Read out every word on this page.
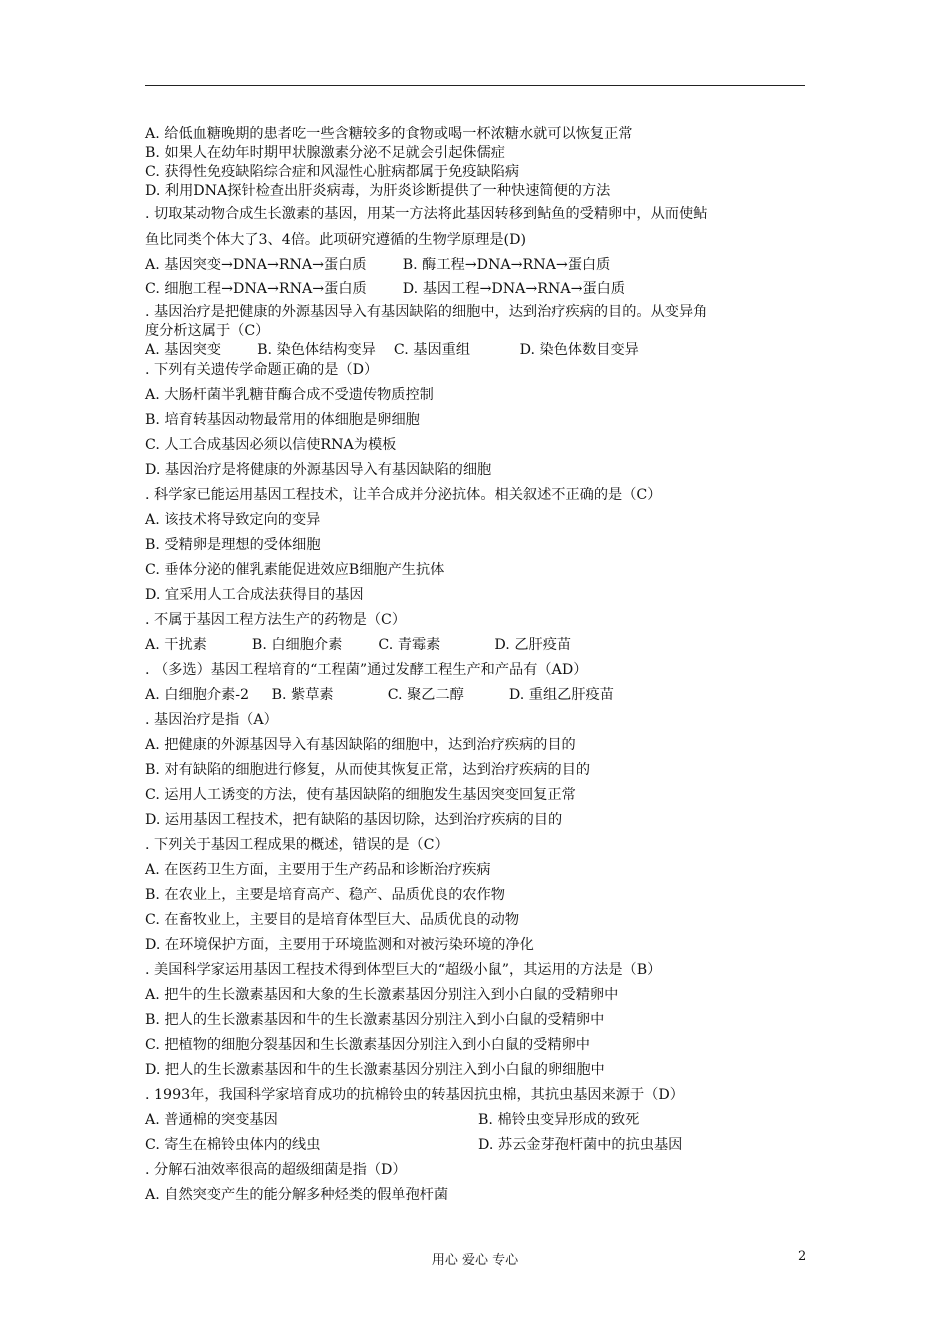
A. 给低血糖晚期的患者吃一些含糖较多的食物或喝一杯浓糖水就可以恢复正常
B. 如果人在幼年时期甲状腺激素分泌不足就会引起侏儒症
C. 获得性免疫缺陷综合症和风湿性心脏病都属于免疫缺陷病
D. 利用DNA探针检查出肝炎病毒，为肝炎诊断提供了一种快速简便的方法
. 切取某动物合成生长激素的基因，用某一方法将此基因转移到鲇鱼的受精卵中，从而使鲇
鱼比同类个体大了3、4倍。此项研究遵循的生物学原理是(D)
A. 基因突变→DNA→RNA→蛋白质        B. 酶工程→DNA→RNA→蛋白质
C. 细胞工程→DNA→RNA→蛋白质        D. 基因工程→DNA→RNA→蛋白质
. 基因治疗是把健康的外源基因导入有基因缺陷的细胞中，达到治疗疾病的目的。从变异角
度分析这属于（C）
A. 基因突变        B. 染色体结构变异    C. 基因重组           D. 染色体数目变异
. 下列有关遗传学命题正确的是（D）
A. 大肠杆菌半乳糖苷酶合成不受遗传物质控制
B. 培育转基因动物最常用的体细胞是卵细胞
C. 人工合成基因必须以信使RNA为模板
D. 基因治疗是将健康的外源基因导入有基因缺陷的细胞
. 科学家已能运用基因工程技术，让羊合成并分泌抗体。相关叙述不正确的是（C）
A. 该技术将导致定向的变异
B. 受精卵是理想的受体细胞
C. 垂体分泌的催乳素能促进效应B细胞产生抗体
D. 宜采用人工合成法获得目的基因
. 不属于基因工程方法生产的药物是（C）
A. 干扰素          B. 白细胞介素        C. 青霉素            D. 乙肝疫苗
. （多选）基因工程培育的“工程菌”通过发酵工程生产和产品有（AD）
A. 白细胞介素-2     B. 紫草素            C. 聚乙二醇          D. 重组乙肝疫苗
. 基因治疗是指（A）
A. 把健康的外源基因导入有基因缺陷的细胞中，达到治疗疾病的目的
B. 对有缺陷的细胞进行修复，从而使其恢复正常，达到治疗疾病的目的
C. 运用人工诱变的方法，使有基因缺陷的细胞发生基因突变回复正常
D. 运用基因工程技术，把有缺陷的基因切除，达到治疗疾病的目的
. 下列关于基因工程成果的概述，错误的是（C）
A. 在医药卫生方面，主要用于生产药品和诊断治疗疾病
B. 在农业上，主要是培育高产、稳产、品质优良的农作物
C. 在畜牧业上，主要目的是培育体型巨大、品质优良的动物
D. 在环境保护方面，主要用于环境监测和对被污染环境的净化
. 美国科学家运用基因工程技术得到体型巨大的“超级小鼠”，其运用的方法是（B）
A. 把牛的生长激素基因和大象的生长激素基因分别注入到小白鼠的受精卵中
B. 把人的生长激素基因和牛的生长激素基因分别注入到小白鼠的受精卵中
C. 把植物的细胞分裂基因和生长激素基因分别注入到小白鼠的受精卵中
D. 把人的生长激素基因和牛的生长激素基因分别注入到小白鼠的卵细胞中
. 1993年，我国科学家培育成功的抗棉铃虫的转基因抗虫棉，其抗虫基因来源于（D）
A. 普通棉的突变基因	B. 棉铃虫变异形成的致死
C. 寄生在棉铃虫体内的线虫	D. 苏云金芽孢杆菌中的抗虫基因
. 分解石油效率很高的超级细菌是指（D）
A. 自然突变产生的能分解多种烃类的假单孢杆菌
用心 爱心 专心	2
